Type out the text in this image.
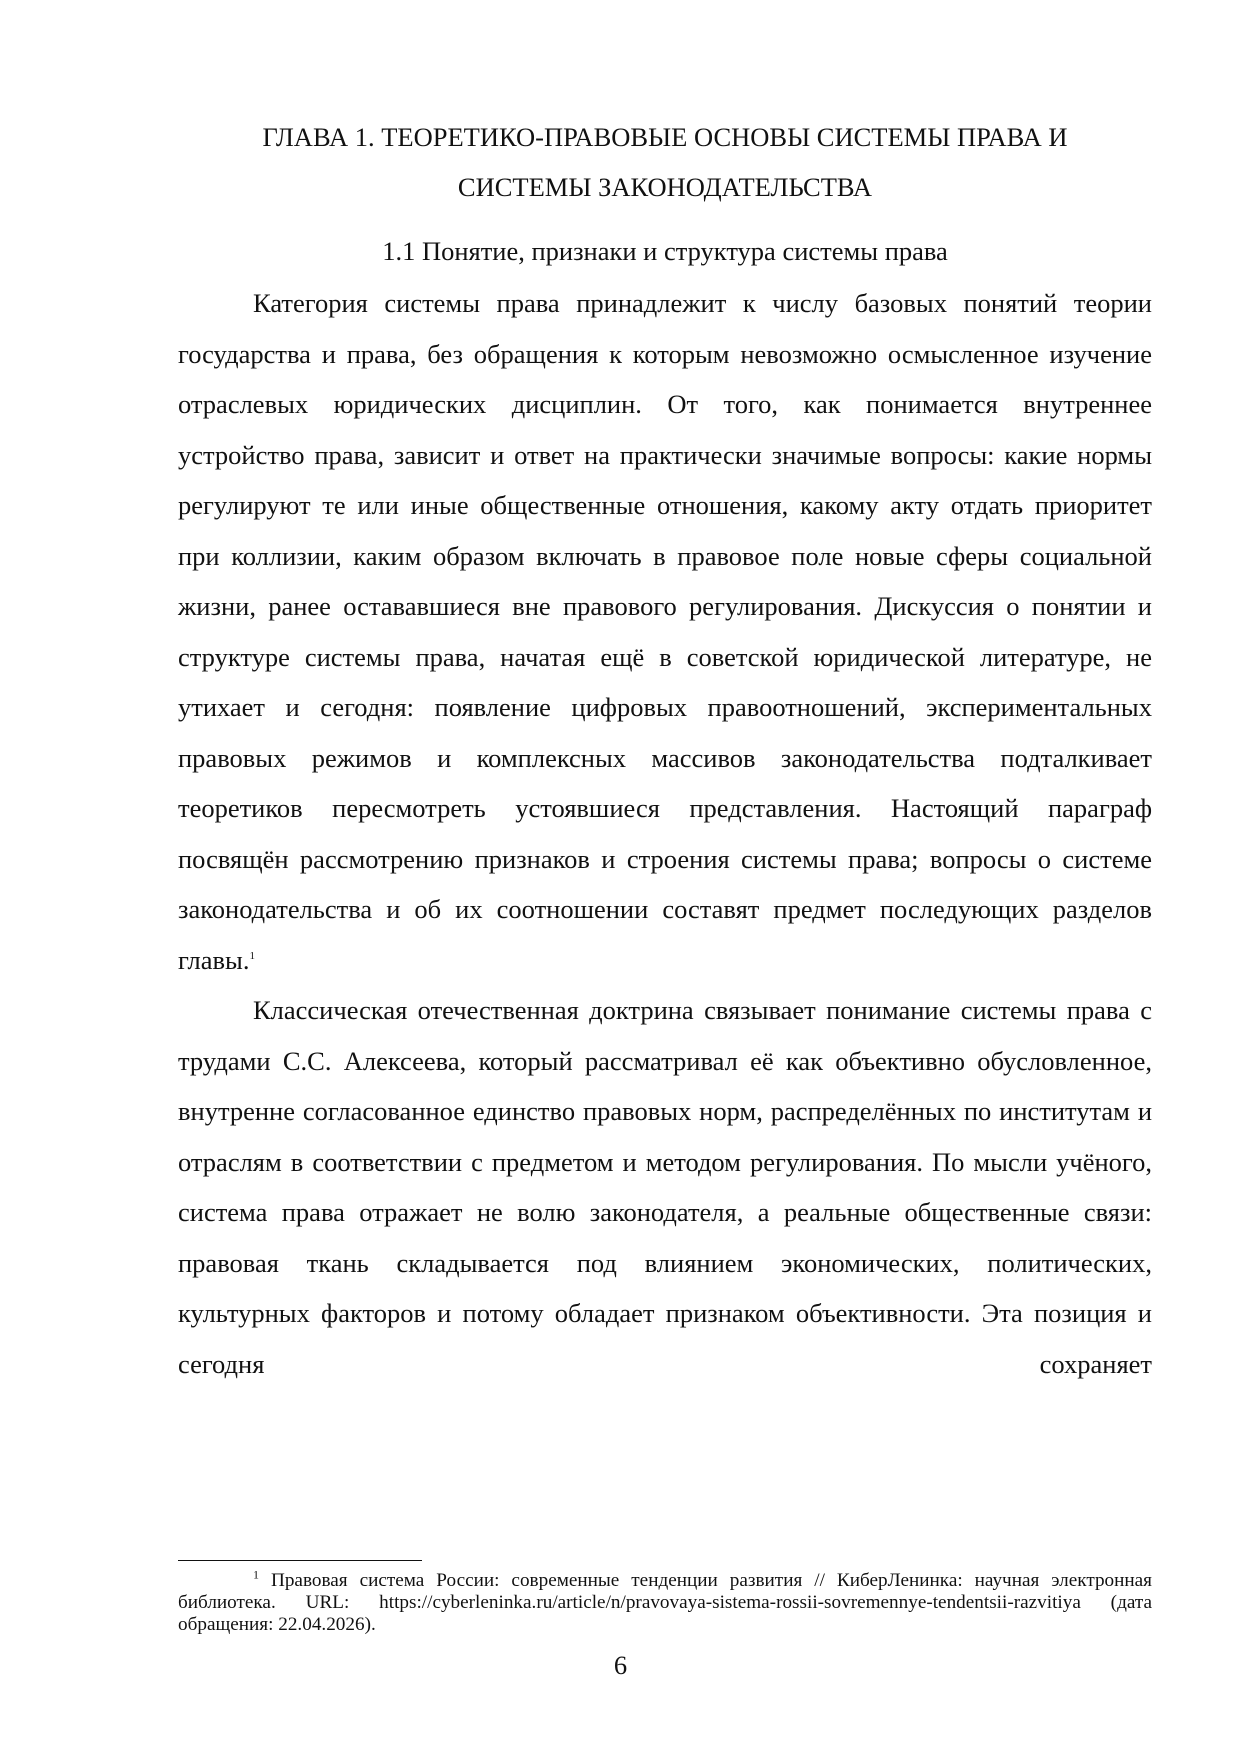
ГЛАВА 1. ТЕОРЕТИКО-ПРАВОВЫЕ ОСНОВЫ СИСТЕМЫ ПРАВА И
СИСТЕМЫ ЗАКОНОДАТЕЛЬСТВА
1.1 Понятие, признаки и структура системы права

Категория системы права принадлежит к числу базовых понятий теории государства и права, без обращения к которым невозможно осмысленное изучение отраслевых юридических дисциплин. От того, как понимается внутреннее устройство права, зависит и ответ на практически значимые вопросы: какие нормы регулируют те или иные общественные отношения, какому акту отдать приоритет при коллизии, каким образом включать в правовое поле новые сферы социальной жизни, ранее остававшиеся вне правового регулирования. Дискуссия о понятии и структуре системы права, начатая ещё в советской юридической литературе, не утихает и сегодня: появление цифровых правоотношений, экспериментальных правовых режимов и комплексных массивов законодательства подталкивает теоретиков пересмотреть устоявшиеся представления. Настоящий параграф посвящён рассмотрению признаков и строения системы права; вопросы о системе законодательства и об их соотношении составят предмет последующих разделов главы.$^1$

Классическая отечественная доктрина связывает понимание системы права с трудами С.С. Алексеева, который рассматривал её как объективно обусловленное, внутренне согласованное единство правовых норм, распределённых по институтам и отраслям в соответствии с предметом и методом регулирования. По мысли учёного, система права отражает не волю законодателя, а реальные общественные связи: правовая ткань складывается под влиянием экономических, политических, культурных факторов и потому обладает признаком объективности. Эта позиция и сегодня сохраняет

$^1$ Правовая система России: современные тенденции развития // КиберЛенинка: научная электронная библиотека. URL: https://cyberleninka.ru/article/n/pravovaya-sistema-rossii-sovremennye-tendentsii-razvitiya (дата обращения: 22.04.2026).
6
